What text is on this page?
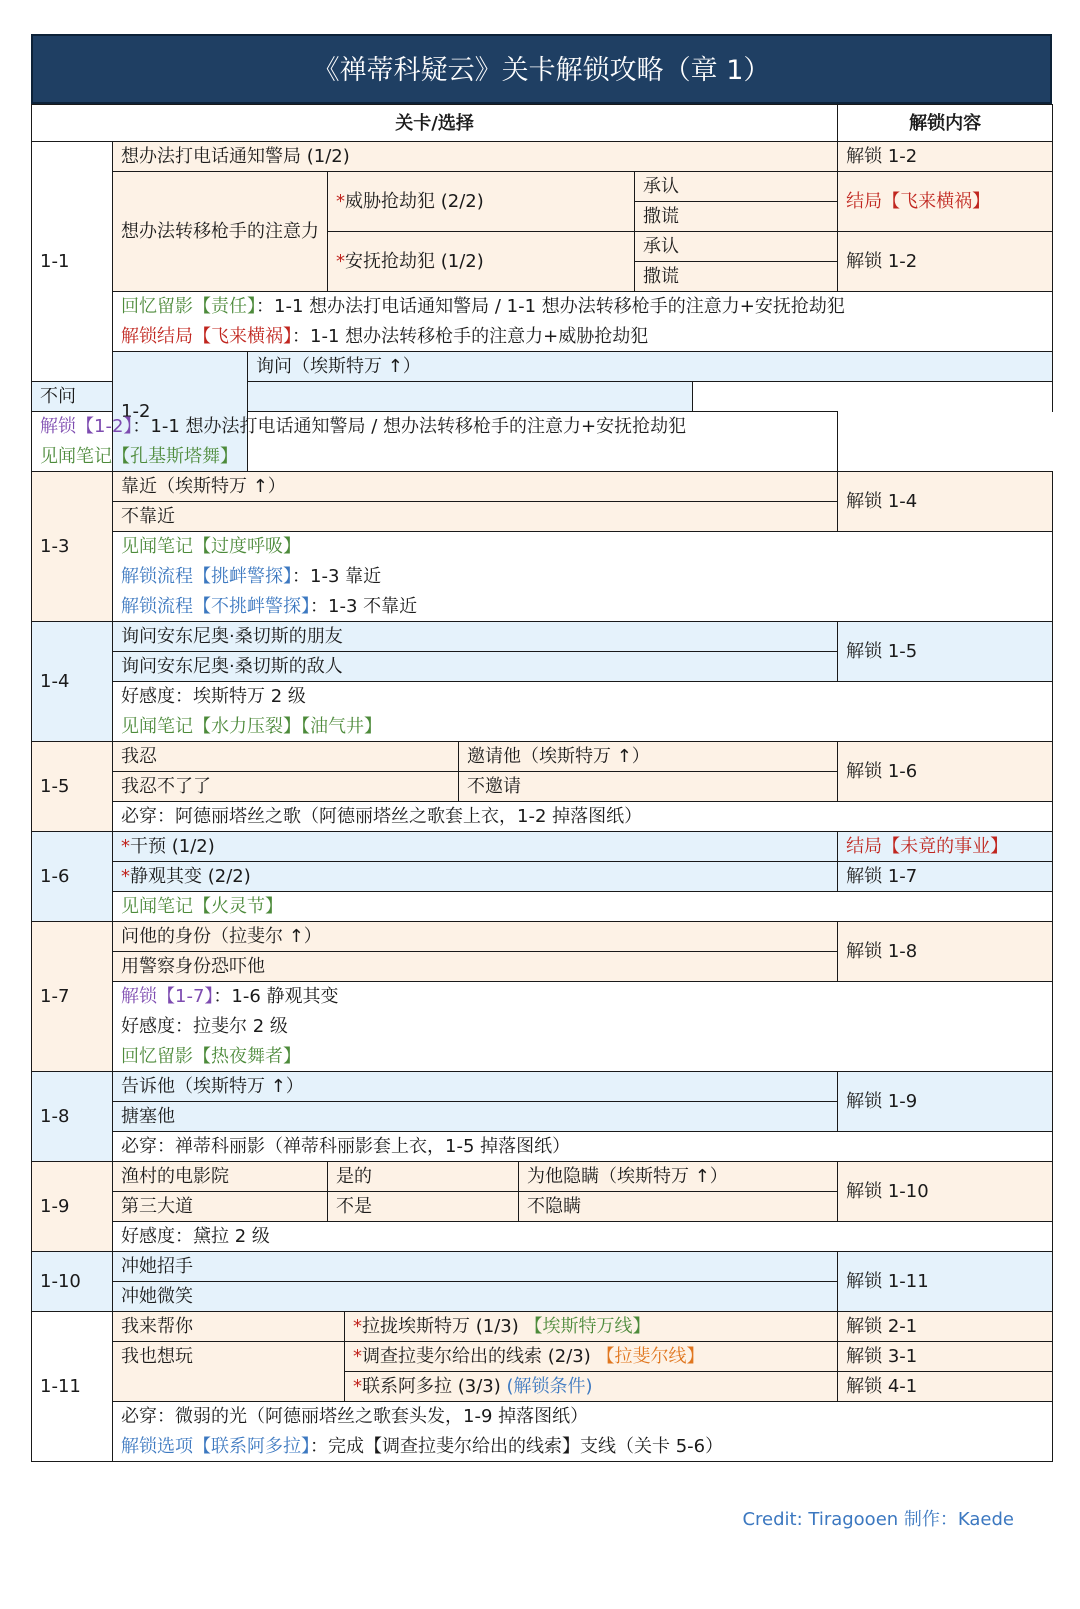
《禅蒂科疑云》关卡解锁攻略（章 1）
关卡/选择								解锁内容	
1-1	想办法打电话通知警局 (1/2)							解锁 1-2	
	想办法转移枪手的注意力		*威胁抢劫犯 (2/2)				承认	结局【飞来横祸】	
							撒谎		
			*安抚抢劫犯 (1/2)				承认	解锁 1-2	
							撒谎		
	回忆留影【责任】：1-1 想办法打电话通知警局 / 1-1 想办法转移枪手的注意力+安抚抢劫犯								
	解锁结局【飞来横祸】：1-1 想办法转移枪手的注意力+威胁抢劫犯								
	1-2	询问（埃斯特万 ↑）	
不问									
解锁【1-2】：1-1 想办法打电话通知警局 / 想办法转移枪手的注意力+安抚抢劫犯									
见闻笔记【孔基斯塔舞】									
1-3	靠近（埃斯特万 ↑）							解锁 1-4	
	不靠近								
	见闻笔记【过度呼吸】								
	解锁流程【挑衅警探】：1-3 靠近								
	解锁流程【不挑衅警探】：1-3 不靠近								
1-4	询问安东尼奥·桑切斯的朋友							解锁 1-5	
	询问安东尼奥·桑切斯的敌人								
	好感度：埃斯特万 2 级								
	见闻笔记【水力压裂】【油气井】								
1-5	我忍				邀请他（埃斯特万 ↑）			解锁 1-6	
	我忍不了了				不邀请				
	必穿：阿德丽塔丝之歌（阿德丽塔丝之歌套上衣，1-2 掉落图纸）								
1-6	*干预 (1/2)							结局【未竟的事业】	
	*静观其变 (2/2)							解锁 1-7	
	见闻笔记【火灵节】								
1-7	问他的身份（拉斐尔 ↑）							解锁 1-8	
	用警察身份恐吓他								
	解锁【1-7】：1-6 静观其变								
	好感度：拉斐尔 2 级								
	回忆留影【热夜舞者】								
1-8	告诉他（埃斯特万 ↑）							解锁 1-9	
	搪塞他								
	必穿：禅蒂科丽影（禅蒂科丽影套上衣，1-5 掉落图纸）								
1-9	渔村的电影院		是的			为他隐瞒（埃斯特万 ↑）		解锁 1-10	
	第三大道		不是			不隐瞒			
	好感度：黛拉 2 级								
1-10	冲她招手							解锁 1-11	
	冲她微笑								
1-11	我来帮你			*拉拢埃斯特万 (1/3) 【埃斯特万线】				解锁 2-1	
	我也想玩			*调查拉斐尔给出的线索 (2/3) 【拉斐尔线】				解锁 3-1	
				*联系阿多拉 (3/3) (解锁条件)				解锁 4-1	
	必穿：微弱的光（阿德丽塔丝之歌套头发，1-9 掉落图纸）								
	解锁选项【联系阿多拉】：完成【调查拉斐尔给出的线索】支线（关卡 5-6）								
Credit: Tiragooen 制作：Kaede
